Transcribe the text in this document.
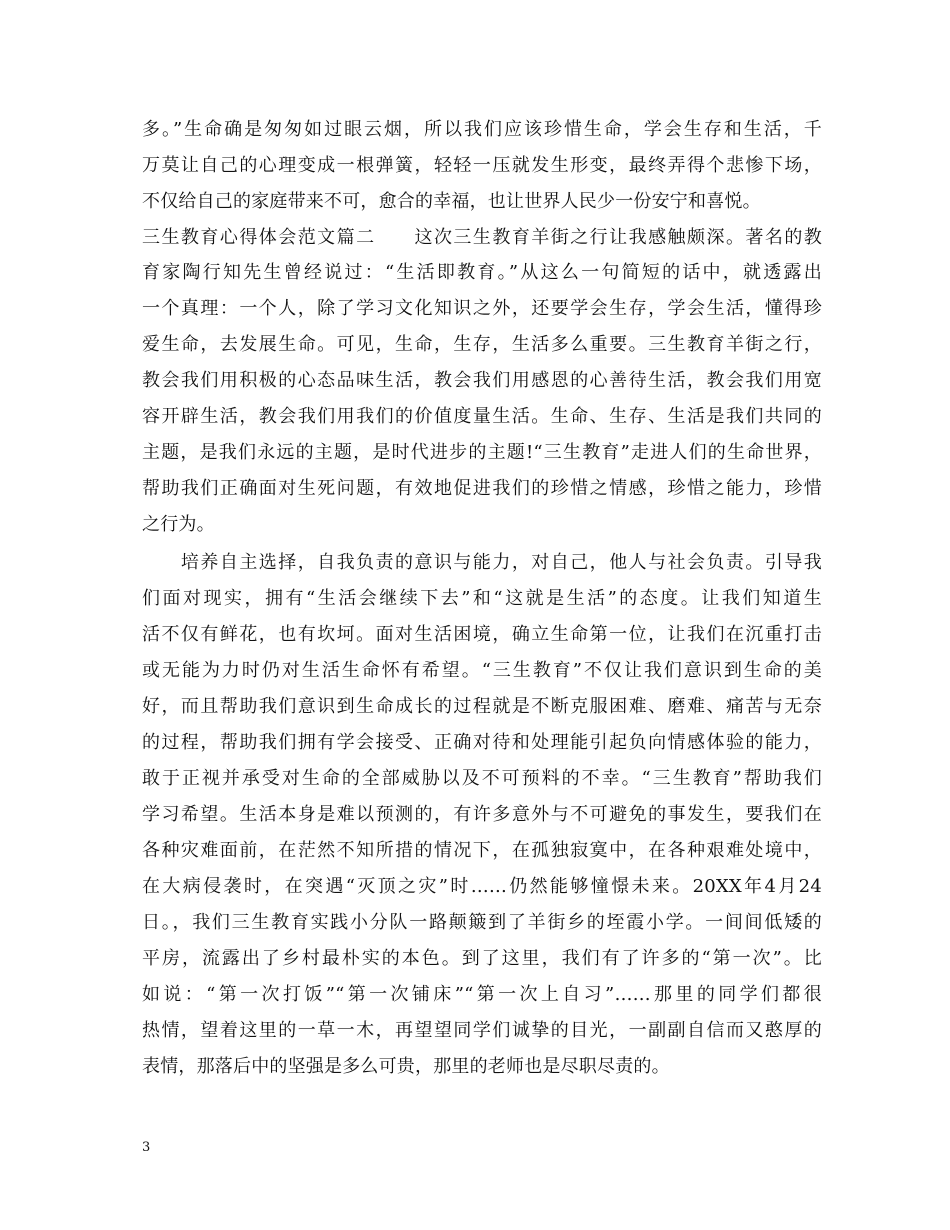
多。”生命确是匆匆如过眼云烟，所以我们应该珍惜生命，学会生存和生活，千
万莫让自己的心理变成一根弹簧，轻轻一压就发生形变，最终弄得个悲惨下场，
不仅给自己的家庭带来不可，愈合的幸福，也让世界人民少一份安宁和喜悦。
三生教育心得体会范文篇二　　这次三生教育羊街之行让我感触颇深。著名的教
育家陶行知先生曾经说过：“生活即教育。”从这么一句简短的话中，就透露出
一个真理：一个人，除了学习文化知识之外，还要学会生存，学会生活，懂得珍
爱生命，去发展生命。可见，生命，生存，生活多么重要。三生教育羊街之行，
教会我们用积极的心态品味生活，教会我们用感恩的心善待生活，教会我们用宽
容开辟生活，教会我们用我们的价值度量生活。生命、生存、生活是我们共同的
主题，是我们永远的主题，是时代进步的主题!“三生教育”走进人们的生命世界，
帮助我们正确面对生死问题，有效地促进我们的珍惜之情感，珍惜之能力，珍惜
之行为。
　　培养自主选择，自我负责的意识与能力，对自己，他人与社会负责。引导我
们面对现实，拥有“生活会继续下去”和“这就是生活”的态度。让我们知道生
活不仅有鲜花，也有坎坷。面对生活困境，确立生命第一位，让我们在沉重打击
或无能为力时仍对生活生命怀有希望。“三生教育”不仅让我们意识到生命的美
好，而且帮助我们意识到生命成长的过程就是不断克服困难、磨难、痛苦与无奈
的过程，帮助我们拥有学会接受、正确对待和处理能引起负向情感体验的能力，
敢于正视并承受对生命的全部威胁以及不可预料的不幸。“三生教育”帮助我们
学习希望。生活本身是难以预测的，有许多意外与不可避免的事发生，要我们在
各种灾难面前，在茫然不知所措的情况下，在孤独寂寞中，在各种艰难处境中，
在大病侵袭时，在突遇“灭顶之灾”时……仍然能够憧憬未来。20XX年4月24
日。，我们三生教育实践小分队一路颠簸到了羊街乡的垤霞小学。一间间低矮的
平房，流露出了乡村最朴实的本色。到了这里，我们有了许多的“第一次”。比
如说：“第一次打饭”“第一次铺床”“第一次上自习”……那里的同学们都很
热情，望着这里的一草一木，再望望同学们诚挚的目光，一副副自信而又憨厚的
表情，那落后中的坚强是多么可贵，那里的老师也是尽职尽责的。
3
